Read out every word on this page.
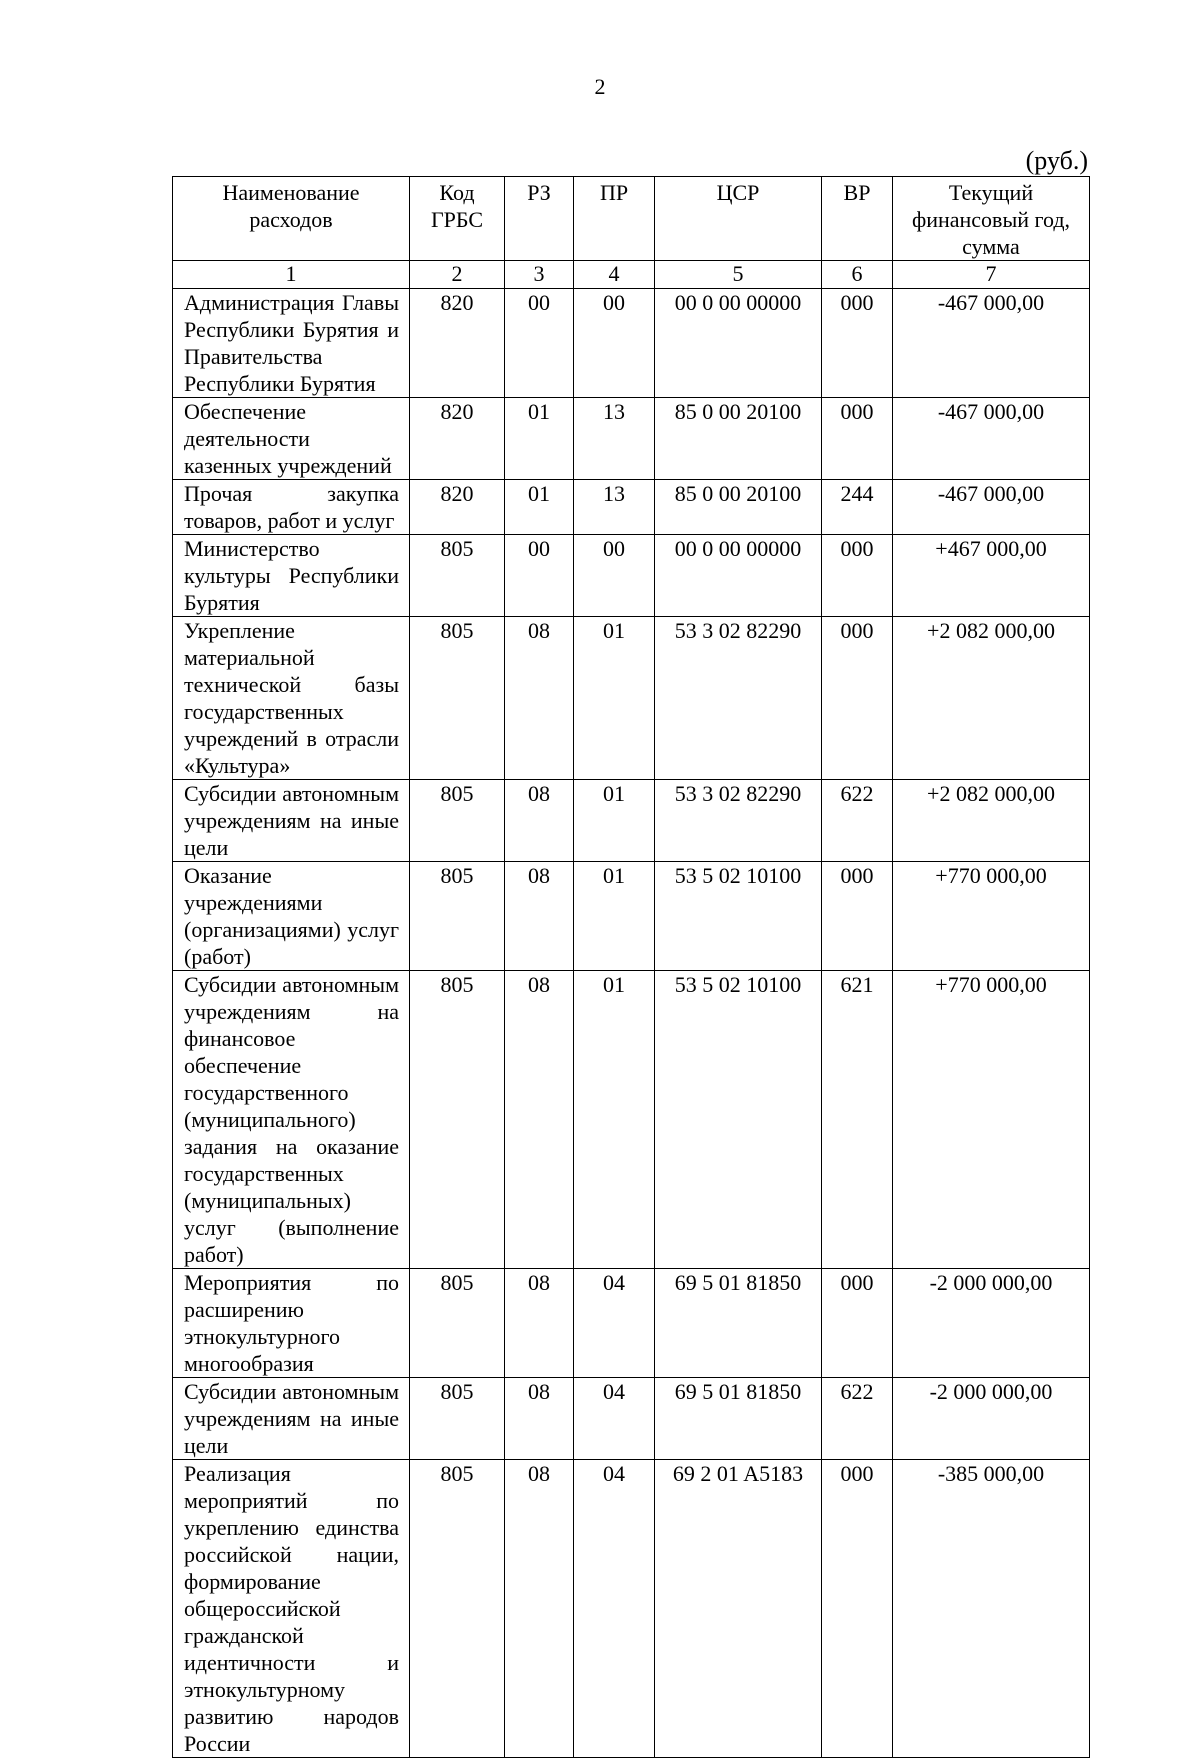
2
(руб.)
Наименование расходов	Код ГРБС	РЗ	ПР	ЦСР	ВР	Текущий финансовый год, сумма
1	2	3	4	5	6	7
Администрация Главы Республики Бурятия и Правительства Республики Бурятия	820	00	00	00 0 00 00000	000	-467 000,00
Обеспечение деятельности казенных учреждений	820	01	13	85 0 00 20100	000	-467 000,00
Прочая закупка товаров, работ и услуг	820	01	13	85 0 00 20100	244	-467 000,00
Министерство культуры Республики Бурятия	805	00	00	00 0 00 00000	000	+467 000,00
Укрепление материальной технической базы государственных учреждений в отрасли «Культура»	805	08	01	53 3 02 82290	000	+2 082 000,00
Субсидии автономным учреждениям на иные цели	805	08	01	53 3 02 82290	622	+2 082 000,00
Оказание учреждениями (организациями) услуг (работ)	805	08	01	53 5 02 10100	000	+770 000,00
Субсидии автономным учреждениям на финансовое обеспечение государственного (муниципального) задания на оказание государственных (муниципальных) услуг (выполнение работ)	805	08	01	53 5 02 10100	621	+770 000,00
Мероприятия по расширению этнокультурного многообразия	805	08	04	69 5 01 81850	000	-2 000 000,00
Субсидии автономным учреждениям на иные цели	805	08	04	69 5 01 81850	622	-2 000 000,00
Реализация мероприятий по укреплению единства российской нации, формирование общероссийской гражданской идентичности и этнокультурному развитию народов России	805	08	04	69 2 01 A5183	000	-385 000,00
